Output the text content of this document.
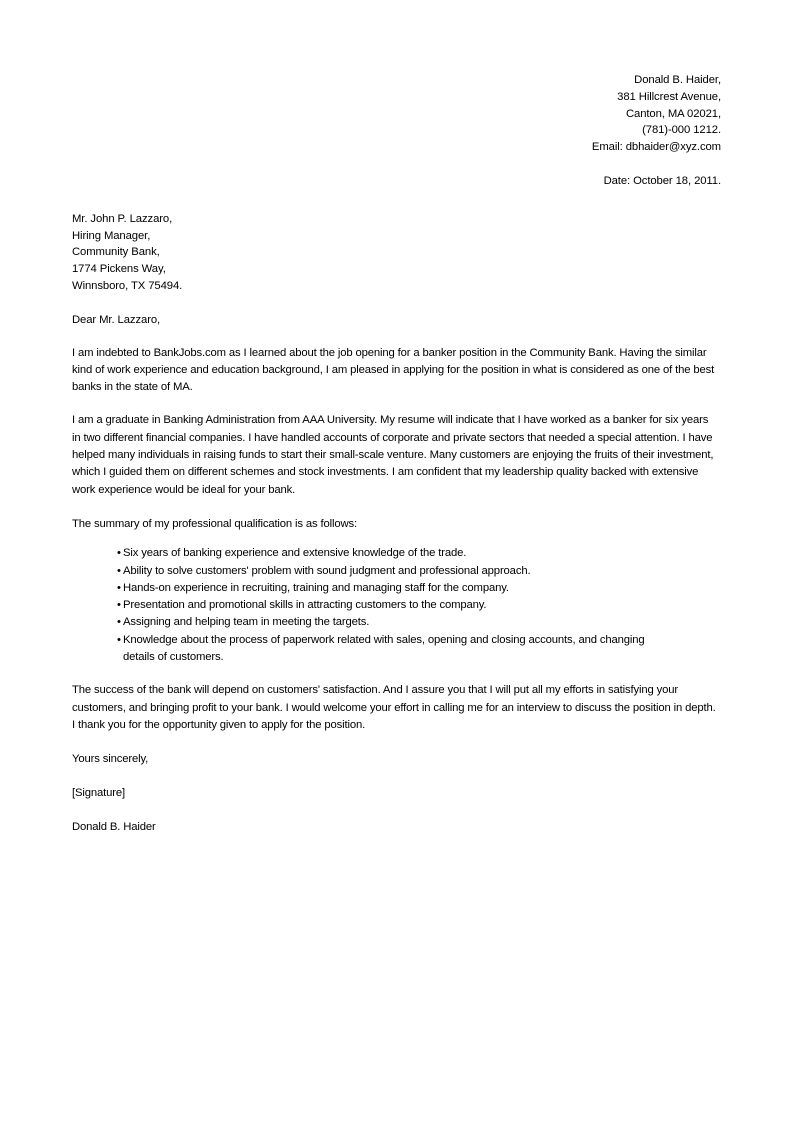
Donald B. Haider,
381 Hillcrest Avenue,
Canton, MA 02021,
(781)-000 1212.
Email: dbhaider@xyz.com
Date: October 18, 2011.
Mr. John P. Lazzaro,
Hiring Manager,
Community Bank,
1774 Pickens Way,
Winnsboro, TX 75494.
Dear Mr. Lazzaro,
I am indebted to BankJobs.com as I learned about the job opening for a banker position in the Community Bank. Having the similar kind of work experience and education background, I am pleased in applying for the position in what is considered as one of the best banks in the state of MA.
I am a graduate in Banking Administration from AAA University. My resume will indicate that I have worked as a banker for six years in two different financial companies. I have handled accounts of corporate and private sectors that needed a special attention. I have helped many individuals in raising funds to start their small-scale venture. Many customers are enjoying the fruits of their investment, which I guided them on different schemes and stock investments. I am confident that my leadership quality backed with extensive work experience would be ideal for your bank.
The summary of my professional qualification is as follows:
• Six years of banking experience and extensive knowledge of the trade.
• Ability to solve customers' problem with sound judgment and professional approach.
• Hands-on experience in recruiting, training and managing staff for the company.
• Presentation and promotional skills in attracting customers to the company.
• Assigning and helping team in meeting the targets.
• Knowledge about the process of paperwork related with sales, opening and closing accounts, and changing details of customers.
The success of the bank will depend on customers' satisfaction. And I assure you that I will put all my efforts in satisfying your customers, and bringing profit to your bank. I would welcome your effort in calling me for an interview to discuss the position in depth. I thank you for the opportunity given to apply for the position.
Yours sincerely,
[Signature]
Donald B. Haider
